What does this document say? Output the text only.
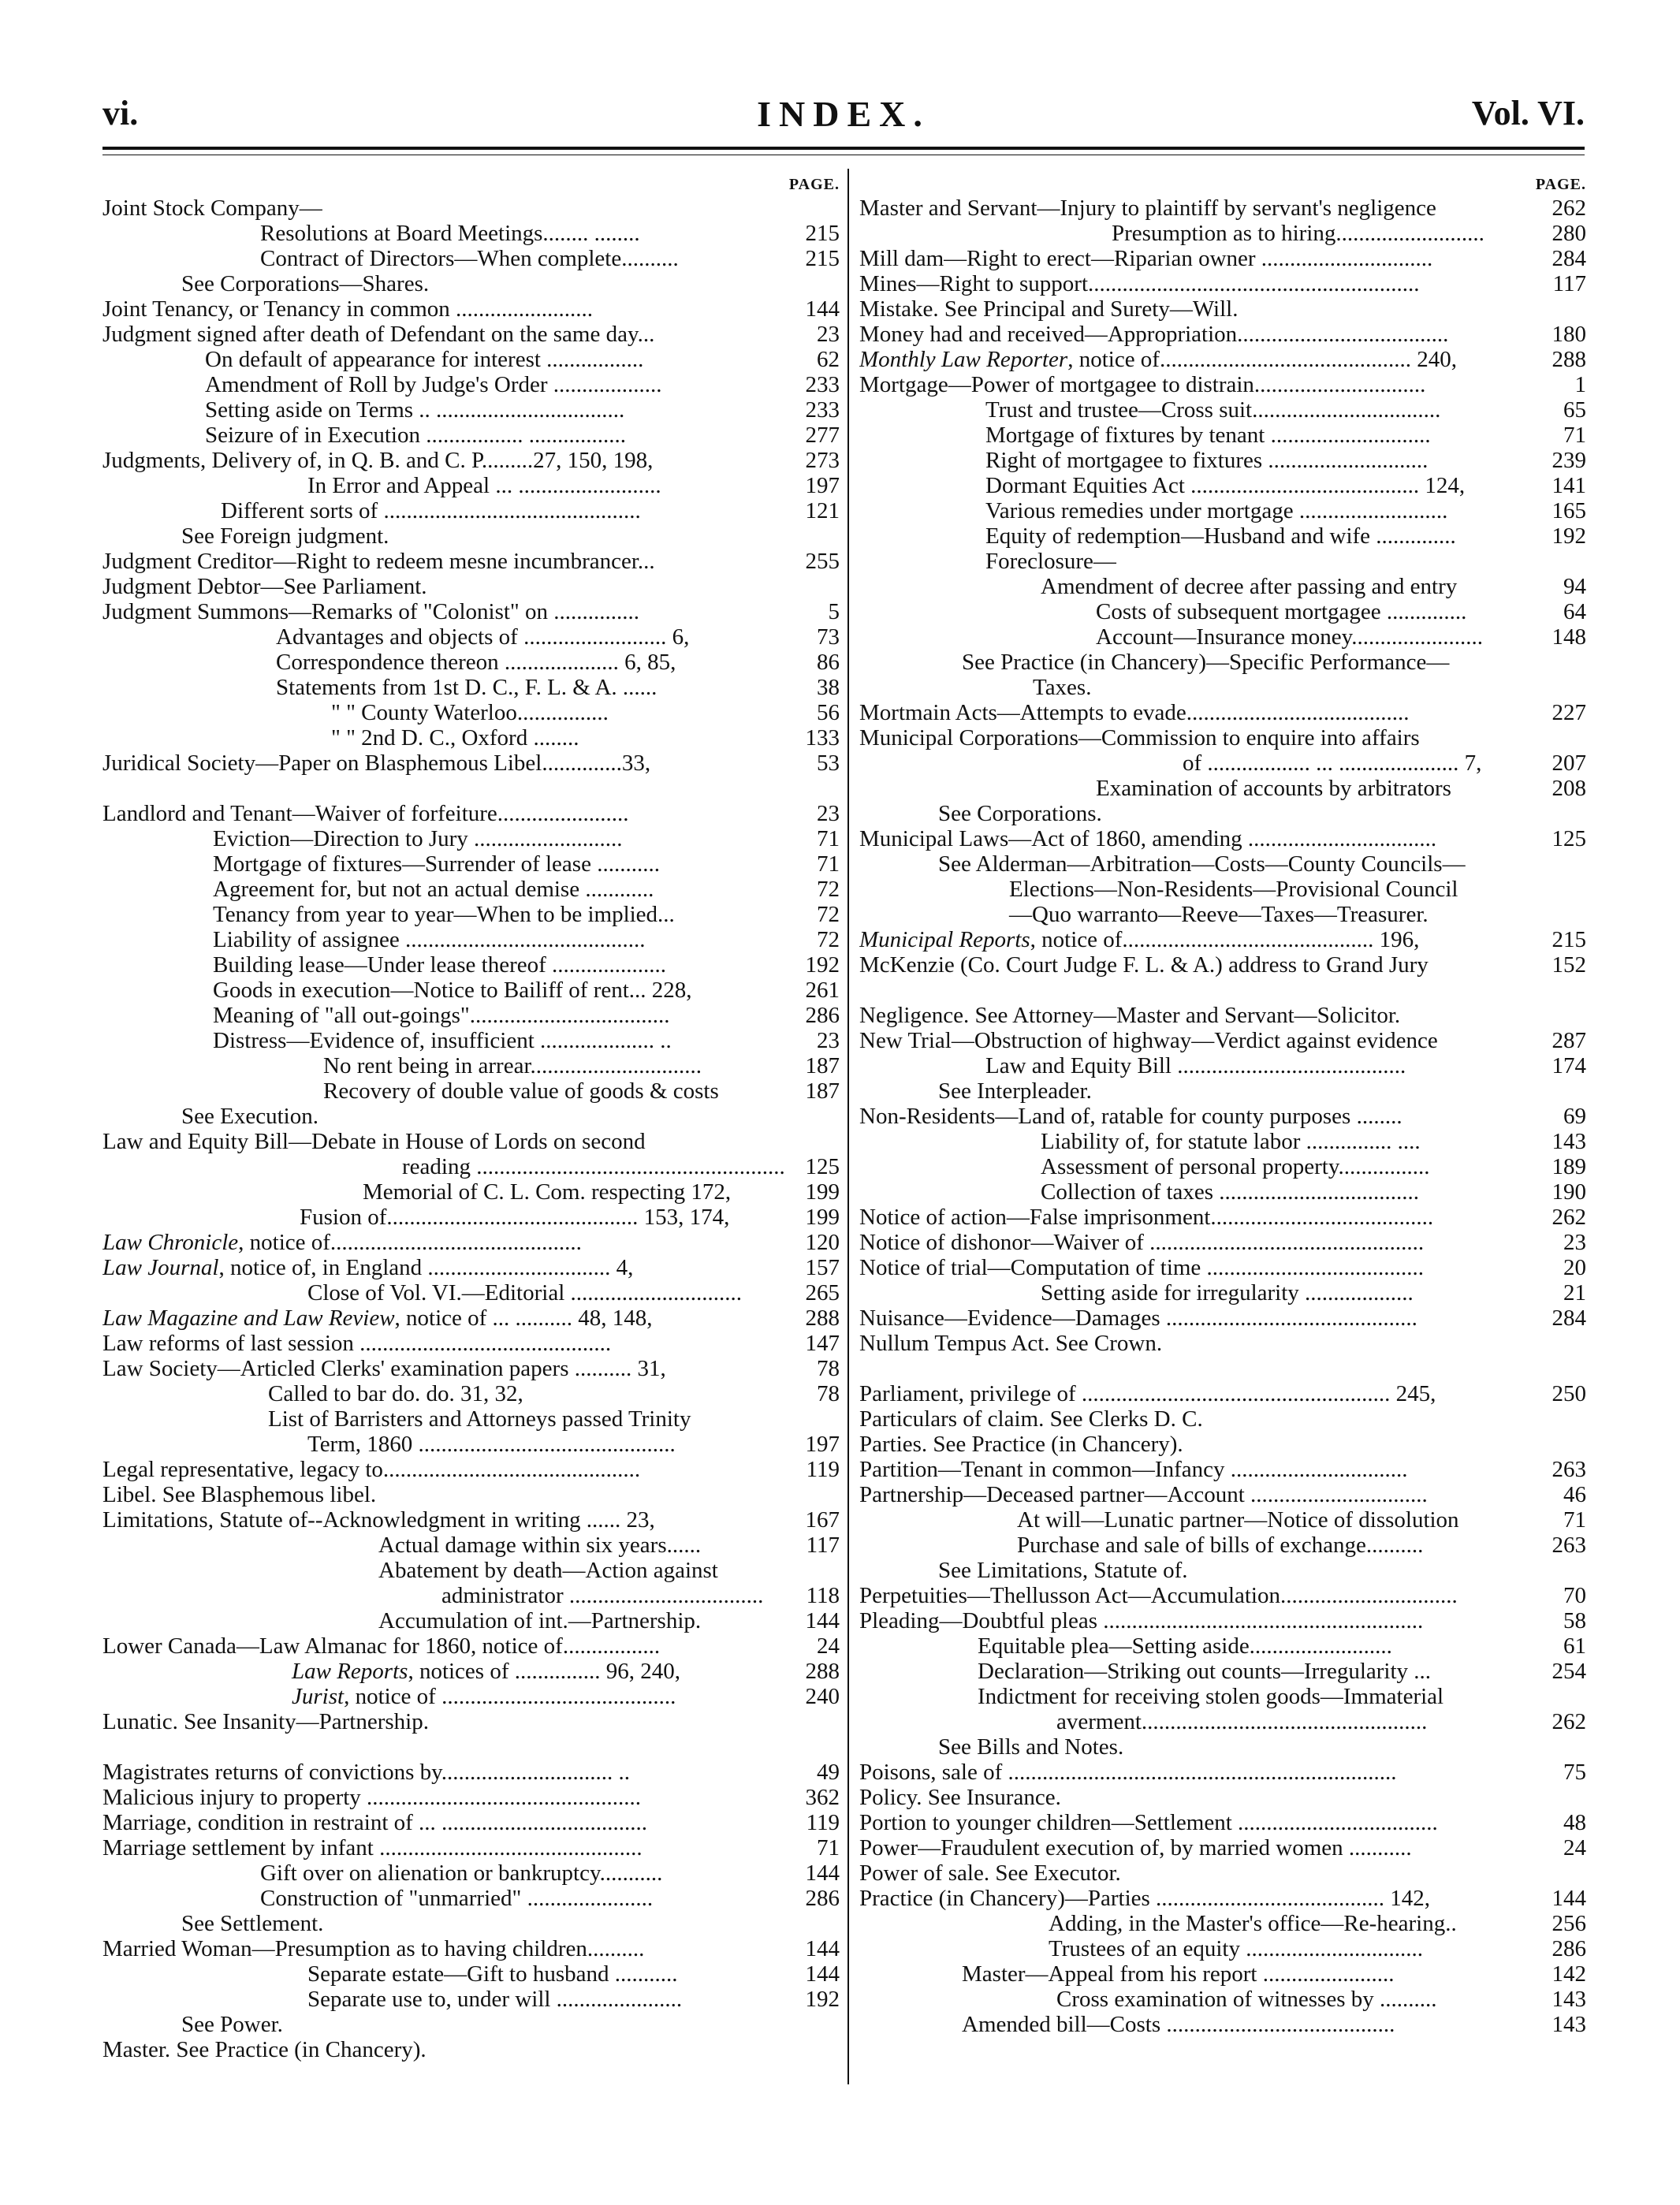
vi.	INDEX.	Vol. VI.
PAGE.
Joint Stock Company—
Resolutions at Board Meetings........ ........	215
Contract of Directors—When complete..........	215
See Corporations—Shares.
Joint Tenancy, or Tenancy in common ........................	144
Judgment signed after death of Defendant on the same day...	23
On default of appearance for interest .................	62
Amendment of Roll by Judge's Order ...................	233
Setting aside on Terms .. .................................	233
Seizure of in Execution ................. .................	277
Judgments, Delivery of, in Q. B. and C. P.........27, 150, 198,	273
In Error and Appeal ... .........................	197
Different sorts of .............................................	121
See Foreign judgment.
Judgment Creditor—Right to redeem mesne incumbrancer...	255
Judgment Debtor—See Parliament.
Judgment Summons—Remarks of "Colonist" on ...............	5
Advantages and objects of ......................... 6,	73
Correspondence thereon .................... 6, 85,	86
Statements from 1st D. C., F. L. & A. ......	38
" " County Waterloo................	56
" " 2nd D. C., Oxford ........	133
Juridical Society—Paper on Blasphemous Libel..............33,	53
Landlord and Tenant—Waiver of forfeiture.......................	23
Eviction—Direction to Jury ..........................	71
Mortgage of fixtures—Surrender of lease ...........	71
Agreement for, but not an actual demise ............	72
Tenancy from year to year—When to be implied...	72
Liability of assignee ..........................................	72
Building lease—Under lease thereof ....................	192
Goods in execution—Notice to Bailiff of rent... 228,	261
Meaning of "all out-goings"...................................	286
Distress—Evidence of, insufficient .................... ..	23
No rent being in arrear..............................	187
Recovery of double value of goods & costs	187
See Execution.
Law and Equity Bill—Debate in House of Lords on second
reading ...................................................... 125
Memorial of C. L. Com. respecting 172,	199
Fusion of............................................ 153, 174,	199
Law Chronicle, notice of............................................	120
Law Journal, notice of, in England ................................ 4,	157
Close of Vol. VI.—Editorial ..............................	265
Law Magazine and Law Review, notice of ... .......... 48, 148,	288
Law reforms of last session ............................................	147
Law Society—Articled Clerks' examination papers .......... 31,	78
Called to bar do. do. 31, 32,	78
List of Barristers and Attorneys passed Trinity
Term, 1860 .............................................	197
Legal representative, legacy to.............................................	119
Libel. See Blasphemous libel.
Limitations, Statute of--Acknowledgment in writing ...... 23,	167
Actual damage within six years......	117
Abatement by death—Action against
administrator .................................. 118
Accumulation of int.—Partnership.	144
Lower Canada—Law Almanac for 1860, notice of.................	24
Law Reports, notices of ............... 96, 240,	288
Jurist, notice of .........................................	240
Lunatic. See Insanity—Partnership.
Magistrates returns of convictions by.............................. ..	49
Malicious injury to property ................................................	362
Marriage, condition in restraint of ... ....................................	119
Marriage settlement by infant ..............................................	71
Gift over on alienation or bankruptcy...........	144
Construction of "unmarried" ......................	286
See Settlement.
Married Woman—Presumption as to having children..........	144
Separate estate—Gift to husband ...........	144
Separate use to, under will ......................	192
See Power.
Master. See Practice (in Chancery).
PAGE.
Master and Servant—Injury to plaintiff by servant's negligence	262
Presumption as to hiring..........................	280
Mill dam—Right to erect—Riparian owner ..............................	284
Mines—Right to support..........................................................	117
Mistake. See Principal and Surety—Will.
Money had and received—Appropriation.....................................	180
Monthly Law Reporter, notice of............................................ 240,	288
Mortgage—Power of mortgagee to distrain..............................	1
Trust and trustee—Cross suit.................................	65
Mortgage of fixtures by tenant ............................	71
Right of mortgagee to fixtures ............................	239
Dormant Equities Act ........................................ 124,	141
Various remedies under mortgage ..........................	165
Equity of redemption—Husband and wife ..............	192
Foreclosure—
Amendment of decree after passing and entry	94
Costs of subsequent mortgagee ..............	64
Account—Insurance money.......................	148
See Practice (in Chancery)—Specific Performance—
Taxes.
Mortmain Acts—Attempts to evade.......................................	227
Municipal Corporations—Commission to enquire into affairs
of .................. ... ..................... 7,	207
Examination of accounts by arbitrators	208
See Corporations.
Municipal Laws—Act of 1860, amending .................................	125
See Alderman—Arbitration—Costs—County Councils—
Elections—Non-Residents—Provisional Council
—Quo warranto—Reeve—Taxes—Treasurer.
Municipal Reports, notice of............................................ 196,	215
McKenzie (Co. Court Judge F. L. & A.) address to Grand Jury	152
Negligence. See Attorney—Master and Servant—Solicitor.
New Trial—Obstruction of highway—Verdict against evidence	287
Law and Equity Bill ........................................	174
See Interpleader.
Non-Residents—Land of, ratable for county purposes ........	69
Liability of, for statute labor ............... ....	143
Assessment of personal property................	189
Collection of taxes ...................................	190
Notice of action—False imprisonment.......................................	262
Notice of dishonor—Waiver of ................................................	23
Notice of trial—Computation of time ......................................	20
Setting aside for irregularity ...................	21
Nuisance—Evidence—Damages ............................................	284
Nullum Tempus Act. See Crown.
Parliament, privilege of ...................................................... 245,	250
Particulars of claim. See Clerks D. C.
Parties. See Practice (in Chancery).
Partition—Tenant in common—Infancy ...............................	263
Partnership—Deceased partner—Account ...............................	46
At will—Lunatic partner—Notice of dissolution	71
Purchase and sale of bills of exchange..........	263
See Limitations, Statute of.
Perpetuities—Thellusson Act—Accumulation...............................	70
Pleading—Doubtful pleas ........................................................	58
Equitable plea—Setting aside.........................	61
Declaration—Striking out counts—Irregularity ...	254
Indictment for receiving stolen goods—Immaterial
averment..................................................	262
See Bills and Notes.
Poisons, sale of ....................................................................	75
Policy. See Insurance.
Portion to younger children—Settlement ...................................	48
Power—Fraudulent execution of, by married women ...........	24
Power of sale. See Executor.
Practice (in Chancery)—Parties ........................................ 142,	144
Adding, in the Master's office—Re-hearing..	256
Trustees of an equity ...............................	286
Master—Appeal from his report .......................	142
Cross examination of witnesses by ..........	143
Amended bill—Costs ........................................	143
